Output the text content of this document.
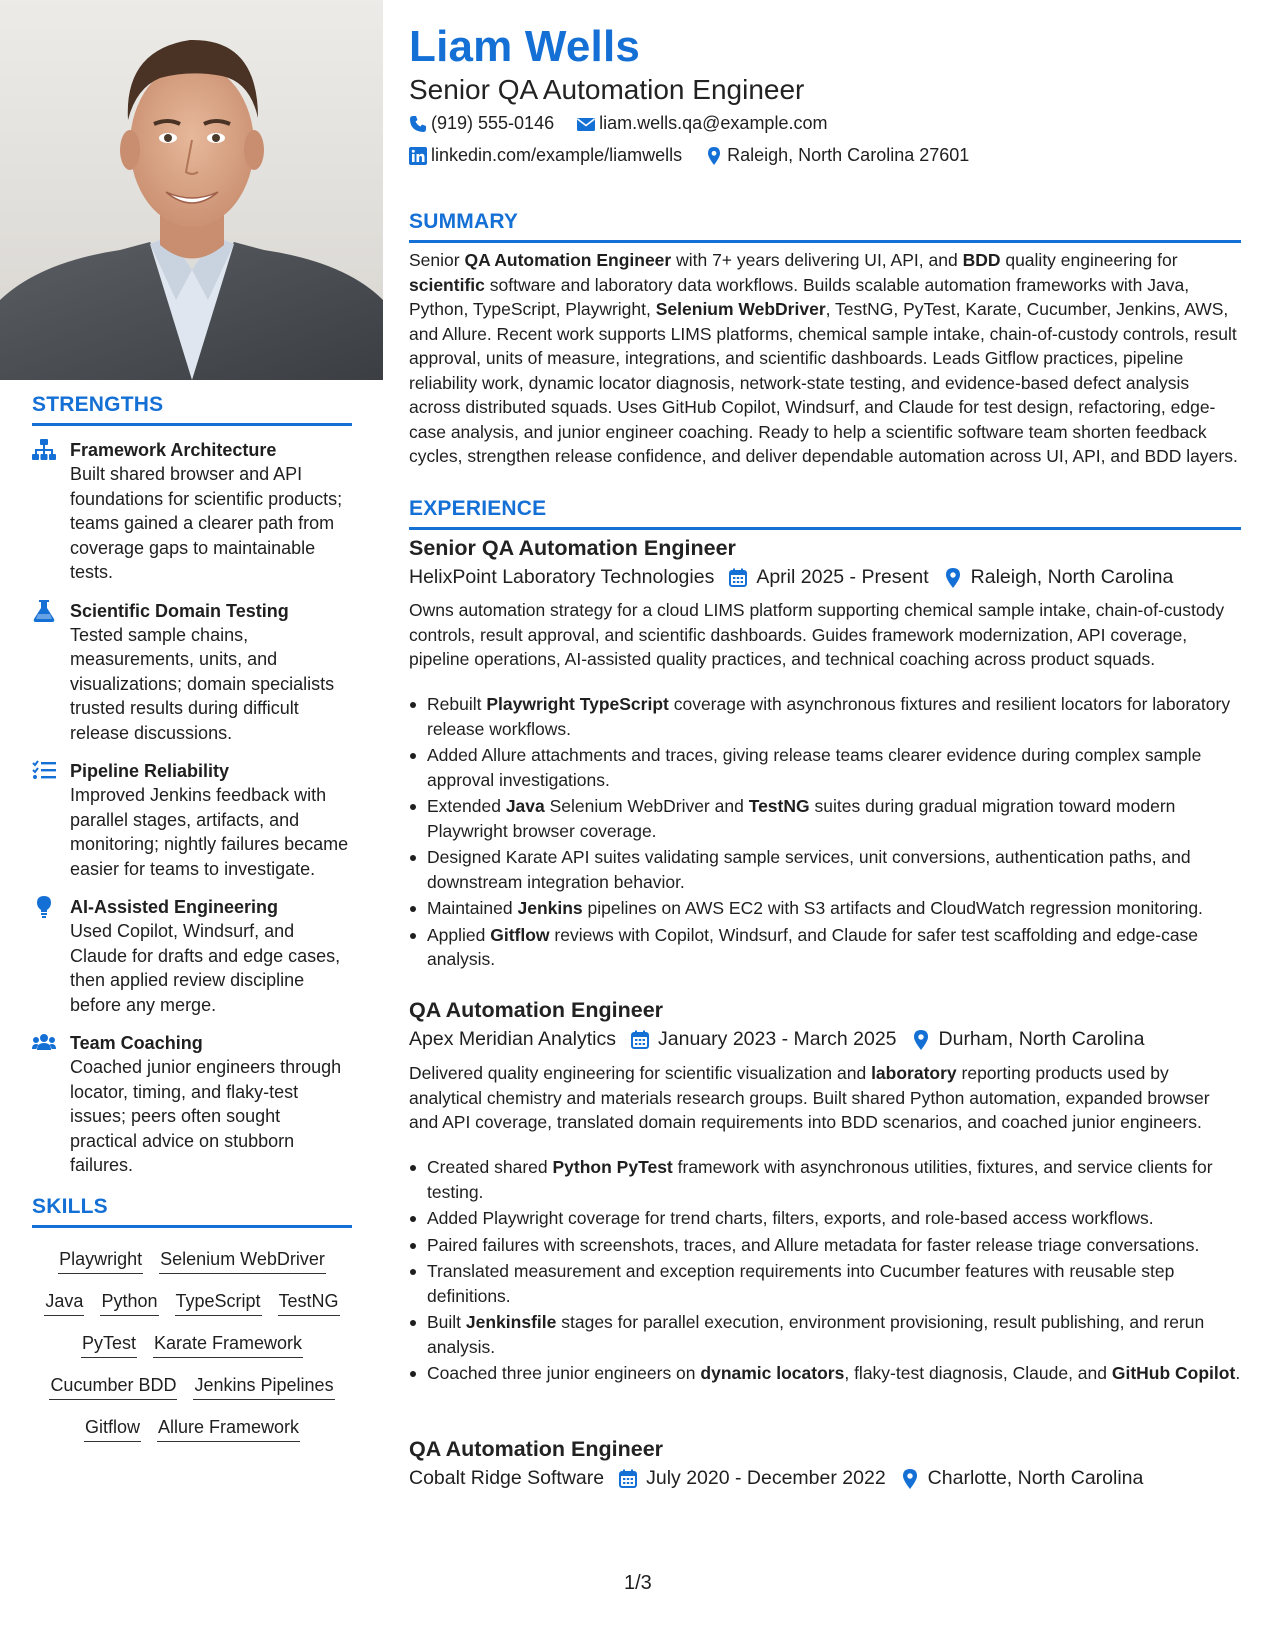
STRENGTHS
Framework Architecture
Built shared browser and API foundations for scientific products; teams gained a clearer path from coverage gaps to maintainable tests.
Scientific Domain Testing
Tested sample chains, measurements, units, and visualizations; domain specialists trusted results during difficult release discussions.
Pipeline Reliability
Improved Jenkins feedback with parallel stages, artifacts, and monitoring; nightly failures became easier for teams to investigate.
AI-Assisted Engineering
Used Copilot, Windsurf, and Claude for drafts and edge cases, then applied review discipline before any merge.
Team Coaching
Coached junior engineers through locator, timing, and flaky-test issues; peers often sought practical advice on stubborn failures.
SKILLS
Playwright Selenium WebDriver
Java Python TypeScript TestNG
PyTest Karate Framework
Cucumber BDD Jenkins Pipelines
Gitflow Allure Framework
Liam Wells
Senior QA Automation Engineer
(919) 555-0146
	liam.wells.qa@example.com
linkedin.com/example/liamwells
	Raleigh, North Carolina 27601
SUMMARY
Senior QA Automation Engineer with 7+ years delivering UI, API, and BDD quality engineering for scientific software and laboratory data workflows. Builds scalable automation frameworks with Java, Python, TypeScript, Playwright, Selenium WebDriver, TestNG, PyTest, Karate, Cucumber, Jenkins, AWS, and Allure. Recent work supports LIMS platforms, chemical sample intake, chain-of-custody controls, result approval, units of measure, integrations, and scientific dashboards. Leads Gitflow practices, pipeline reliability work, dynamic locator diagnosis, network-state testing, and evidence-based defect analysis across distributed squads. Uses GitHub Copilot, Windsurf, and Claude for test design, refactoring, edge-case analysis, and junior engineer coaching. Ready to help a scientific software team shorten feedback cycles, strengthen release confidence, and deliver dependable automation across UI, API, and BDD layers.
EXPERIENCE
Senior QA Automation Engineer
HelixPoint Laboratory Technologies April 2025 - Present Raleigh, North Carolina
Owns automation strategy for a cloud LIMS platform supporting chemical sample intake, chain-of-custody controls, result approval, and scientific dashboards. Guides framework modernization, API coverage, pipeline operations, AI-assisted quality practices, and technical coaching across product squads.
Rebuilt Playwright TypeScript coverage with asynchronous fixtures and resilient locators for laboratory release workflows.
Added Allure attachments and traces, giving release teams clearer evidence during complex sample approval investigations.
Extended Java Selenium WebDriver and TestNG suites during gradual migration toward modern Playwright browser coverage.
Designed Karate API suites validating sample services, unit conversions, authentication paths, and downstream integration behavior.
Maintained Jenkins pipelines on AWS EC2 with S3 artifacts and CloudWatch regression monitoring.
Applied Gitflow reviews with Copilot, Windsurf, and Claude for safer test scaffolding and edge-case analysis.
QA Automation Engineer
Apex Meridian Analytics January 2023 - March 2025 Durham, North Carolina
Delivered quality engineering for scientific visualization and laboratory reporting products used by analytical chemistry and materials research groups. Built shared Python automation, expanded browser and API coverage, translated domain requirements into BDD scenarios, and coached junior engineers.
Created shared Python PyTest framework with asynchronous utilities, fixtures, and service clients for testing.
Added Playwright coverage for trend charts, filters, exports, and role-based access workflows.
Paired failures with screenshots, traces, and Allure metadata for faster release triage conversations.
Translated measurement and exception requirements into Cucumber features with reusable step definitions.
Built Jenkinsfile stages for parallel execution, environment provisioning, result publishing, and rerun analysis.
Coached three junior engineers on dynamic locators, flaky-test diagnosis, Claude, and GitHub Copilot.
QA Automation Engineer
Cobalt Ridge Software July 2020 - December 2022 Charlotte, North Carolina
1/3
